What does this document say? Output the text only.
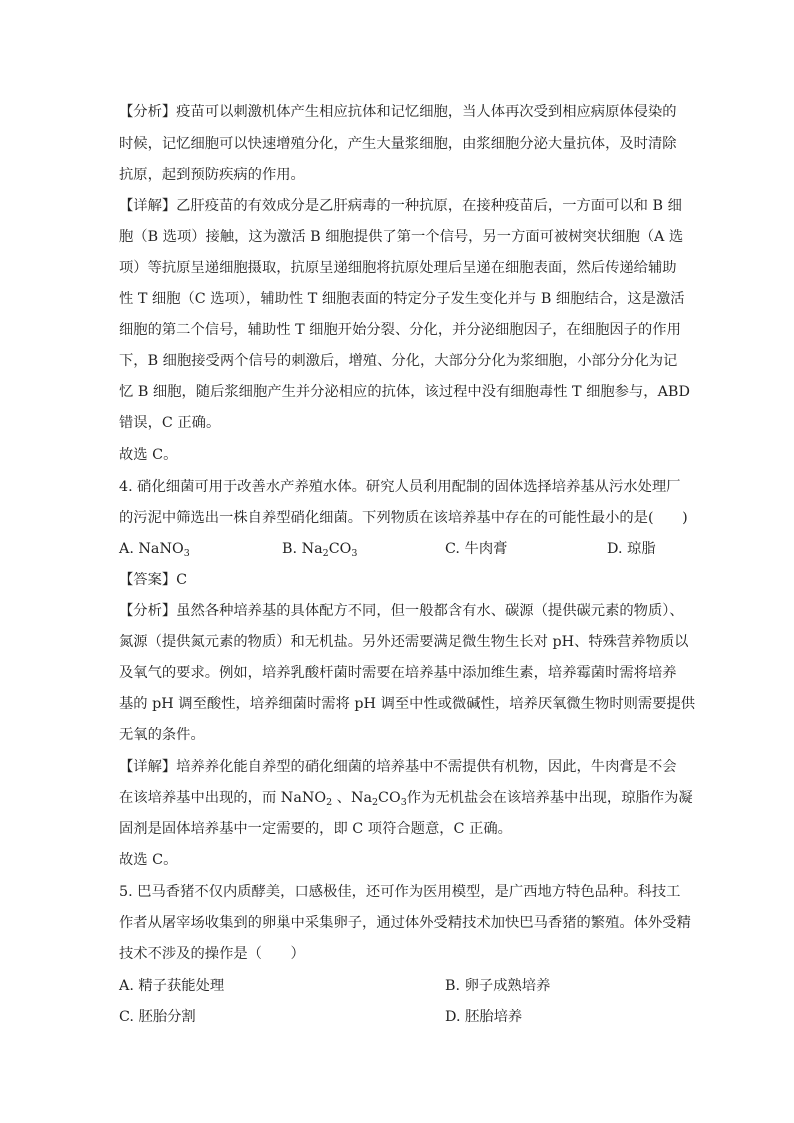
【分析】疫苗可以刺激机体产生相应抗体和记忆细胞，当人体再次受到相应病原体侵染的
时候，记忆细胞可以快速增殖分化，产生大量浆细胞，由浆细胞分泌大量抗体，及时清除
抗原，起到预防疾病的作用。
【详解】乙肝疫苗的有效成分是乙肝病毒的一种抗原，在接种疫苗后，一方面可以和 B 细
胞（B 选项）接触，这为激活 B 细胞提供了第一个信号，另一方面可被树突状细胞（A 选
项）等抗原呈递细胞摄取，抗原呈递细胞将抗原处理后呈递在细胞表面，然后传递给辅助
性 T 细胞（C 选项），辅助性 T 细胞表面的特定分子发生变化并与 B 细胞结合，这是激活
细胞的第二个信号，辅助性 T 细胞开始分裂、分化，并分泌细胞因子，在细胞因子的作用
下，B 细胞接受两个信号的刺激后，增殖、分化，大部分分化为浆细胞，小部分分化为记
忆 B 细胞，随后浆细胞产生并分泌相应的抗体，该过程中没有细胞毒性 T 细胞参与，ABD
错误，C 正确。
故选 C。
4. 硝化细菌可用于改善水产养殖水体。研究人员利用配制的固体选择培养基从污水处理厂
的污泥中筛选出一株自养型硝化细菌。下列物质在该培养基中存在的可能性最小的是(　　)
A. NaNO$_3$	B. $Na_2CO_3$	C. 牛肉膏	D. 琼脂
【答案】C
【分析】虽然各种培养基的具体配方不同，但一般都含有水、碳源（提供碳元素的物质）、
氮源（提供氮元素的物质）和无机盐。另外还需要满足微生物生长对 pH、特殊营养物质以
及氧气的要求。例如，培养乳酸杆菌时需要在培养基中添加维生素，培养霉菌时需将培养
基的 pH 调至酸性，培养细菌时需将 pH 调至中性或微碱性，培养厌氧微生物时则需要提供
无氧的条件。
【详解】培养养化能自养型的硝化细菌的培养基中不需提供有机物，因此，牛肉膏是不会
在该培养基中出现的，而 NaNO$_2$ 、$Na_2CO_3$作为无机盐会在该培养基中出现，琼脂作为凝
固剂是固体培养基中一定需要的，即 C 项符合题意，C 正确。
故选 C。
5. 巴马香猪不仅内质酵美，口感极佳，还可作为医用模型，是广西地方特色品种。科技工
作者从屠宰场收集到的卵巢中采集卵子，通过体外受精技术加快巴马香猪的繁殖。体外受精
技术不涉及的操作是（　　）
A. 精子获能处理	B. 卵子成熟培养
C. 胚胎分割	D. 胚胎培养
